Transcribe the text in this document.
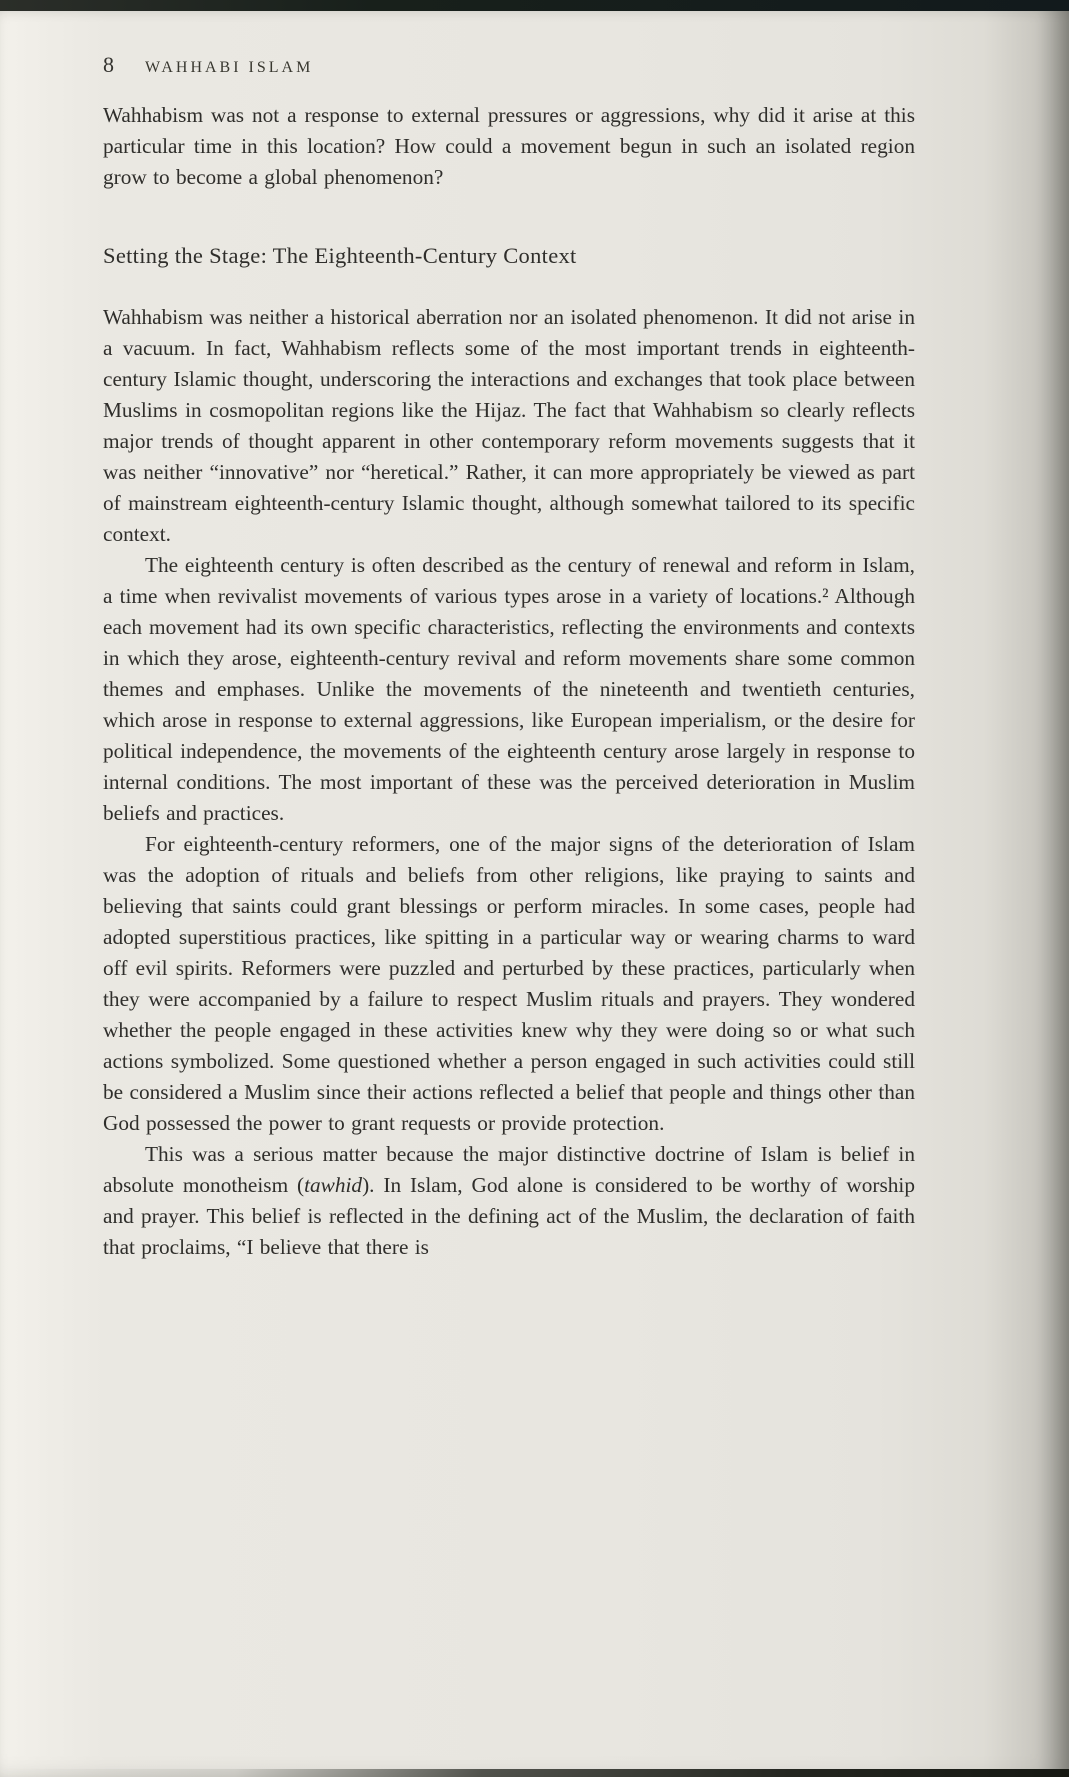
8 WAHHABI ISLAM

Wahhabism was not a response to external pressures or aggressions, why did it arise at this particular time in this location? How could a movement begun in such an isolated region grow to become a global phenomenon?

Setting the Stage: The Eighteenth-Century Context

Wahhabism was neither a historical aberration nor an isolated phenomenon. It did not arise in a vacuum. In fact, Wahhabism reflects some of the most important trends in eighteenth-century Islamic thought, underscoring the interactions and exchanges that took place between Muslims in cosmopolitan regions like the Hijaz. The fact that Wahhabism so clearly reflects major trends of thought apparent in other contemporary reform movements suggests that it was neither “innovative” nor “heretical.” Rather, it can more appropriately be viewed as part of mainstream eighteenth-century Islamic thought, although somewhat tailored to its specific context.

The eighteenth century is often described as the century of renewal and reform in Islam, a time when revivalist movements of various types arose in a variety of locations.² Although each movement had its own specific characteristics, reflecting the environments and contexts in which they arose, eighteenth-century revival and reform movements share some common themes and emphases. Unlike the movements of the nineteenth and twentieth centuries, which arose in response to external aggressions, like European imperialism, or the desire for political independence, the movements of the eighteenth century arose largely in response to internal conditions. The most important of these was the perceived deterioration in Muslim beliefs and practices.

For eighteenth-century reformers, one of the major signs of the deterioration of Islam was the adoption of rituals and beliefs from other religions, like praying to saints and believing that saints could grant blessings or perform miracles. In some cases, people had adopted superstitious practices, like spitting in a particular way or wearing charms to ward off evil spirits. Reformers were puzzled and perturbed by these practices, particularly when they were accompanied by a failure to respect Muslim rituals and prayers. They wondered whether the people engaged in these activities knew why they were doing so or what such actions symbolized. Some questioned whether a person engaged in such activities could still be considered a Muslim since their actions reflected a belief that people and things other than God possessed the power to grant requests or provide protection.

This was a serious matter because the major distinctive doctrine of Islam is belief in absolute monotheism (tawhid). In Islam, God alone is considered to be worthy of worship and prayer. This belief is reflected in the defining act of the Muslim, the declaration of faith that proclaims, “I believe that there is
